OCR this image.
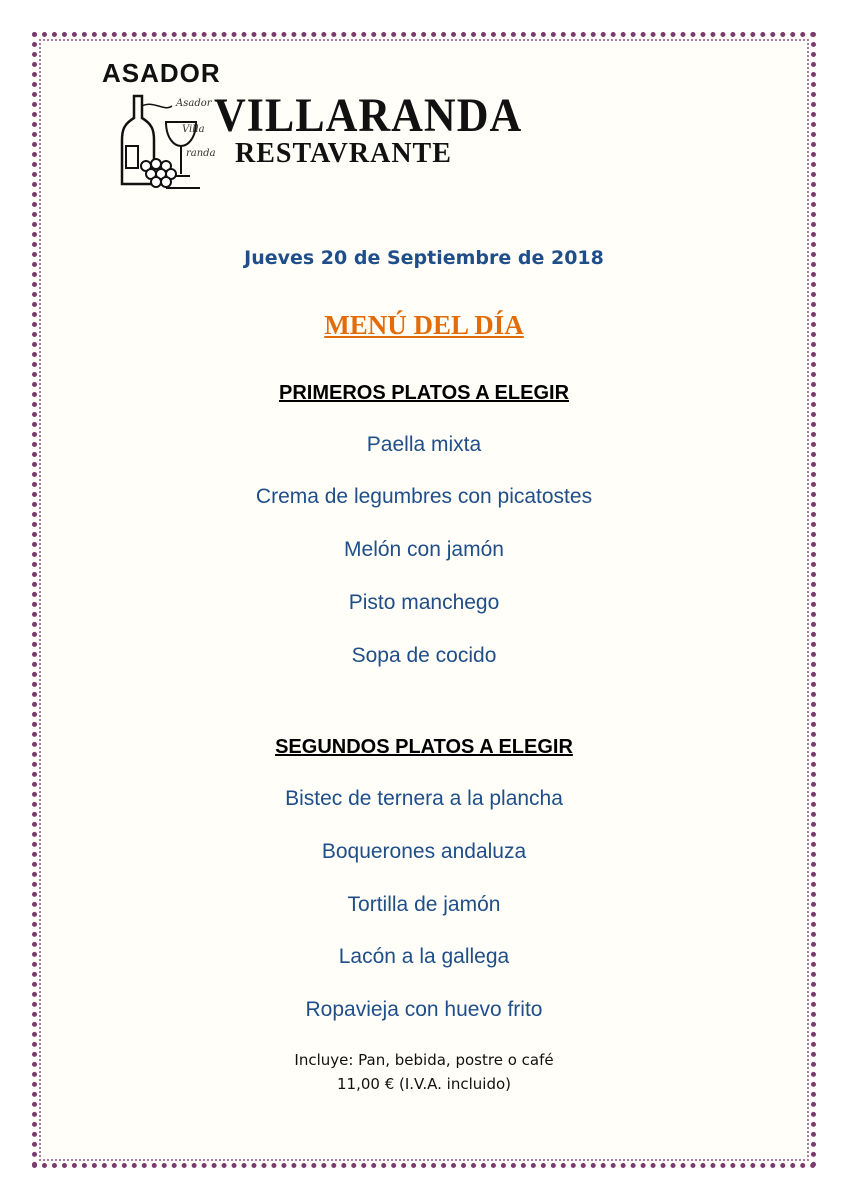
ASADOR
Asador
Villa
randa
VILLARANDA
RESTAVRANTE
Jueves 20 de Septiembre de 2018
MENÚ DEL DÍA
PRIMEROS PLATOS A ELEGIR
Paella mixta
Crema de legumbres con picatostes
Melón con jamón
Pisto manchego
Sopa de cocido
SEGUNDOS PLATOS A ELEGIR
Bistec de ternera a la plancha
Boquerones andaluza
Tortilla de jamón
Lacón a la gallega
Ropavieja con huevo frito
Incluye: Pan, bebida, postre o café
11,00 € (I.V.A. incluido)
